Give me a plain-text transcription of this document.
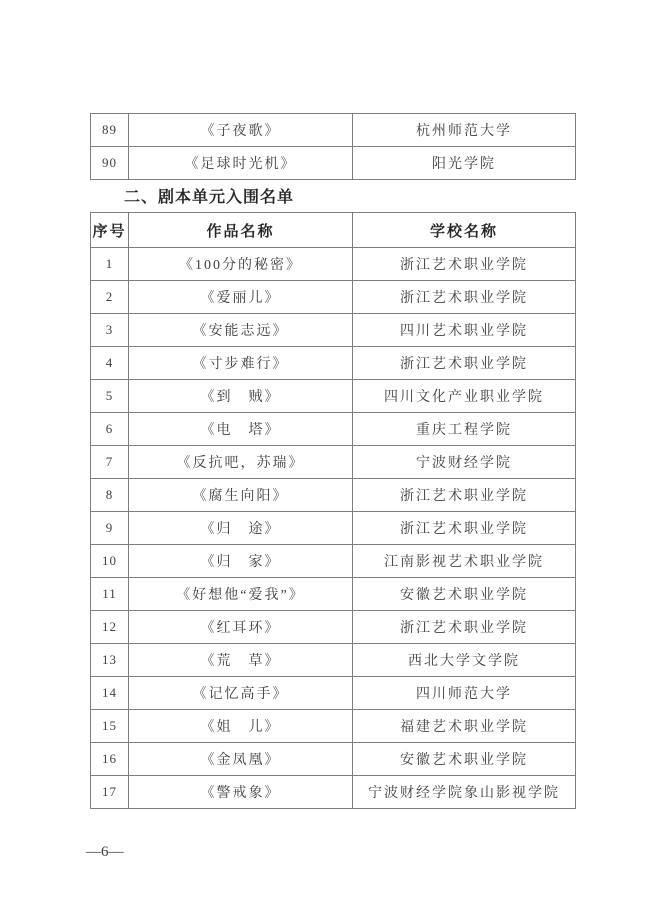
89	《子夜歌》	杭州师范大学
90	《足球时光机》	阳光学院
二、剧本单元入围名单
序号	作品名称	学校名称
1	《100分的秘密》	浙江艺术职业学院
2	《爱丽儿》	浙江艺术职业学院
3	《安能志远》	四川艺术职业学院
4	《寸步难行》	浙江艺术职业学院
5	《到　贼》	四川文化产业职业学院
6	《电　塔》	重庆工程学院
7	《反抗吧，苏瑞》	宁波财经学院
8	《腐生向阳》	浙江艺术职业学院
9	《归　途》	浙江艺术职业学院
10	《归　家》	江南影视艺术职业学院
11	《好想他“爱我”》	安徽艺术职业学院
12	《红耳环》	浙江艺术职业学院
13	《荒　草》	西北大学文学院
14	《记忆高手》	四川师范大学
15	《姐　儿》	福建艺术职业学院
16	《金凤凰》	安徽艺术职业学院
17	《警戒象》	宁波财经学院象山影视学院
—6—
